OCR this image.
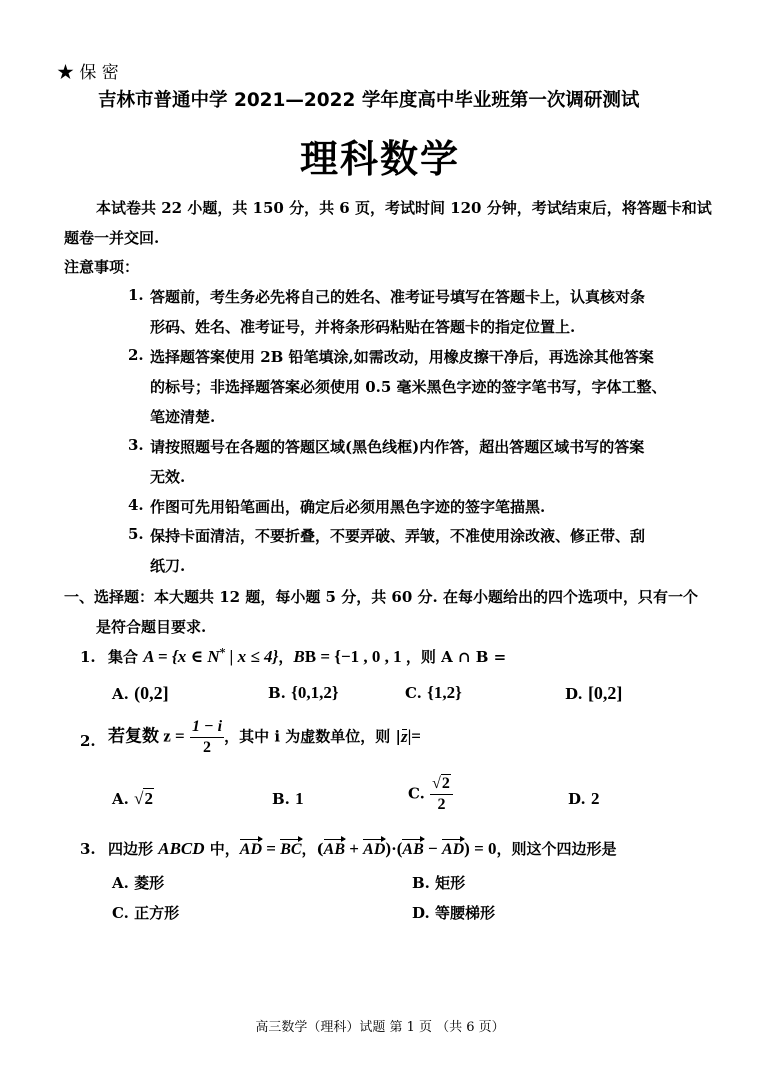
★ 保 密
吉林市普通中学 2021—2022 学年度高中毕业班第一次调研测试
理科数学
本试卷共 22 小题，共 150 分，共 6 页，考试时间 120 分钟，考试结束后，将答题卡和试
题卷一并交回.
注意事项：
1. 答题前，考生务必先将自己的姓名、准考证号填写在答题卡上，认真核对条
形码、姓名、准考证号，并将条形码粘贴在答题卡的指定位置上.
2. 选择题答案使用 2B 铅笔填涂,如需改动，用橡皮擦干净后，再选涂其他答案
的标号；非选择题答案必须使用 0.5 毫米黑色字迹的签字笔书写，字体工整、
笔迹清楚.
3. 请按照题号在各题的答题区域(黑色线框)内作答，超出答题区域书写的答案
无效.
4. 作图可先用铅笔画出，确定后必须用黑色字迹的签字笔描黑.
5. 保持卡面清洁，不要折叠，不要弄破、弄皱，不准使用涂改液、修正带、刮
纸刀.
一、选择题：本大题共 12 题，每小题 5 分，共 60 分. 在每小题给出的四个选项中，只有一个
是符合题目要求.
1. 集合 A = {x ∈ N* | x ≤ 4}，BB = {−1 , 0 , 1 ，则 A ∩ B =
A. (0,2]	B. {0,1,2}	C. {1,2}	D. [0,2]
2. 若复数 $z = \frac{1 - i}{2}$ ，其中 i 为虚数单位，则 |z|=
A. √2	B. 1	C. $\frac{√2}{2}$	D. 2
3. 四边形 ABCD 中，AD = BC，(AB + AD)·(AB − AD) = 0，则这个四边形是
A. 菱形	B. 矩形
C. 正方形	D. 等腰梯形
高三数学（理科）试题 第 1 页 （共 6 页）
